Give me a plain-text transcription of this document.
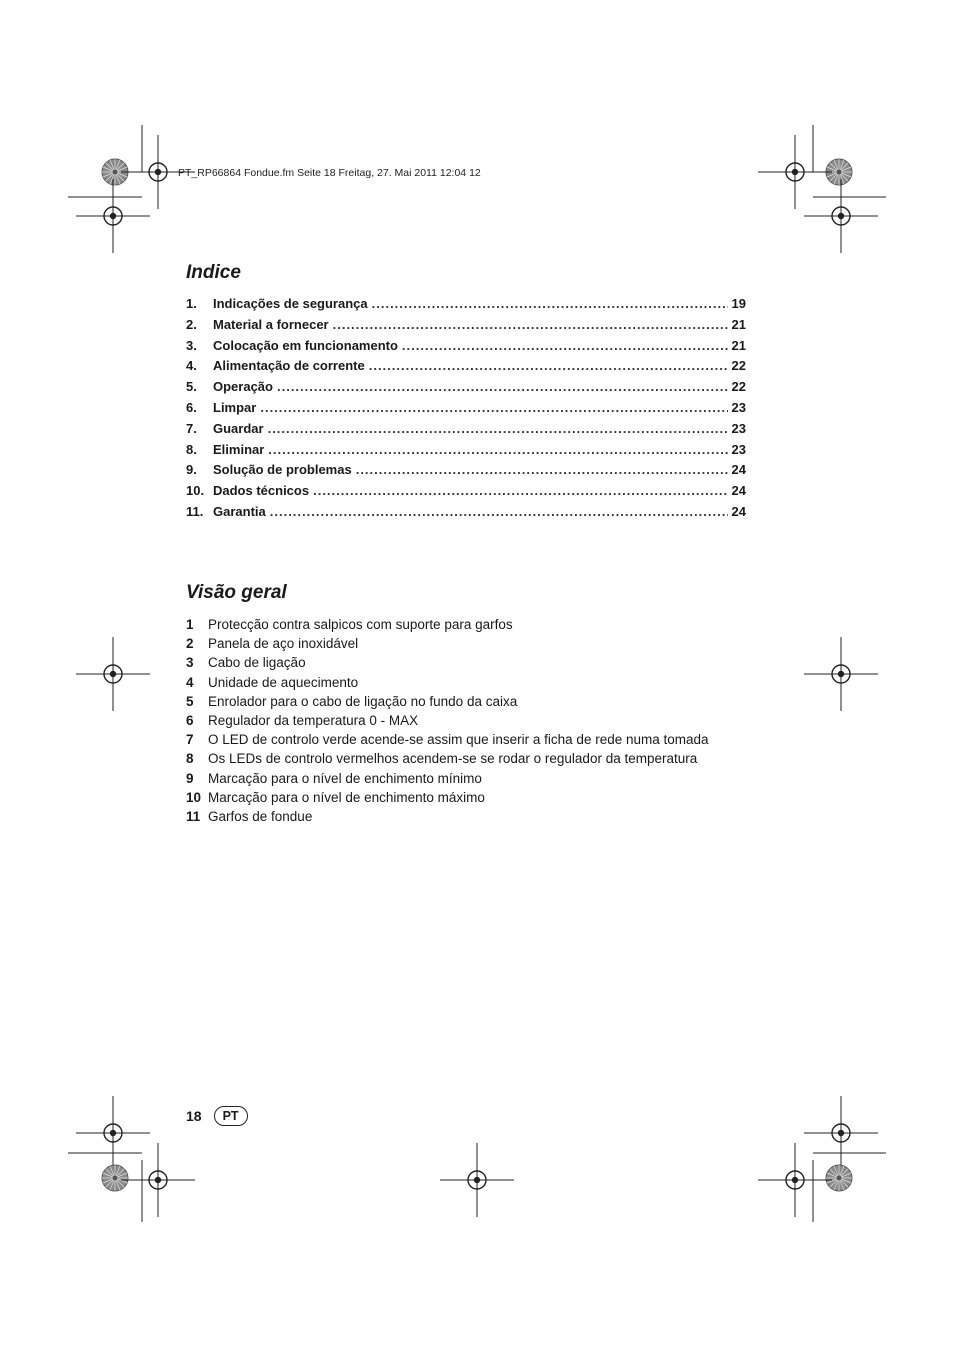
PT_RP66864 Fondue.fm Seite 18 Freitag, 27. Mai 2011 12:04 12
Indice
1.	Indicações de segurança .....	19
2.	Material a fornecer .....	21
3.	Colocação em funcionamento .....	21
4.	Alimentação de corrente .....	22
5.	Operação .....	22
6.	Limpar .....	23
7.	Guardar .....	23
8.	Eliminar .....	23
9.	Solução de problemas .....	24
10. Dados técnicos .....	24
11. Garantia .....	24
Visão geral
1	Protecção contra salpicos com suporte para garfos
2	Panela de aço inoxidável
3	Cabo de ligação
4	Unidade de aquecimento
5	Enrolador para o cabo de ligação no fundo da caixa
6	Regulador da temperatura 0 - MAX
7	O LED de controlo verde acende-se assim que inserir a ficha de rede numa tomada
8	Os LEDs de controlo vermelhos acendem-se se rodar o regulador da temperatura
9	Marcação para o nível de enchimento mínimo
10 Marcação para o nível de enchimento máximo
11 Garfos de fondue
18	PT
